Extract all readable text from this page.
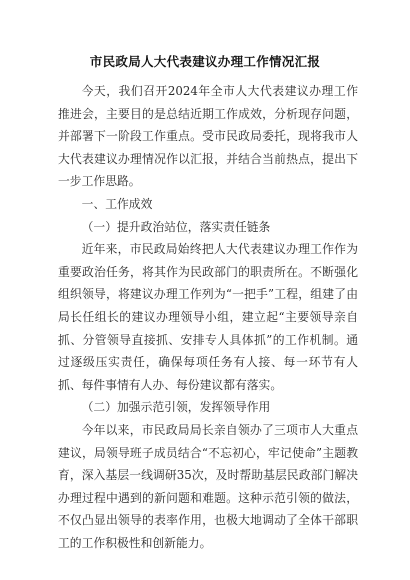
市民政局人大代表建议办理工作情况汇报

今天，我们召开2024年全市人大代表建议办理工作推进会，主要目的是总结近期工作成效，分析现存问题，并部署下一阶段工作重点。受市民政局委托，现将我市人大代表建议办理情况作以汇报，并结合当前热点，提出下一步工作思路。

一、工作成效

（一）提升政治站位，落实责任链条

近年来，市民政局始终把人大代表建议办理工作作为重要政治任务，将其作为民政部门的职责所在。不断强化组织领导，将建议办理工作列为“一把手”工程，组建了由局长任组长的建议办理领导小组，建立起“主要领导亲自抓、分管领导直接抓、安排专人具体抓”的工作机制。通过逐级压实责任，确保每项任务有人接、每一环节有人抓、每件事情有人办、每份建议都有落实。

（二）加强示范引领，发挥领导作用

今年以来，市民政局局长亲自领办了三项市人大重点建议，局领导班子成员结合“不忘初心，牢记使命”主题教育，深入基层一线调研35次，及时帮助基层民政部门解决办理过程中遇到的新问题和难题。这种示范引领的做法，不仅凸显出领导的表率作用，也极大地调动了全体干部职工的工作积极性和创新能力。
